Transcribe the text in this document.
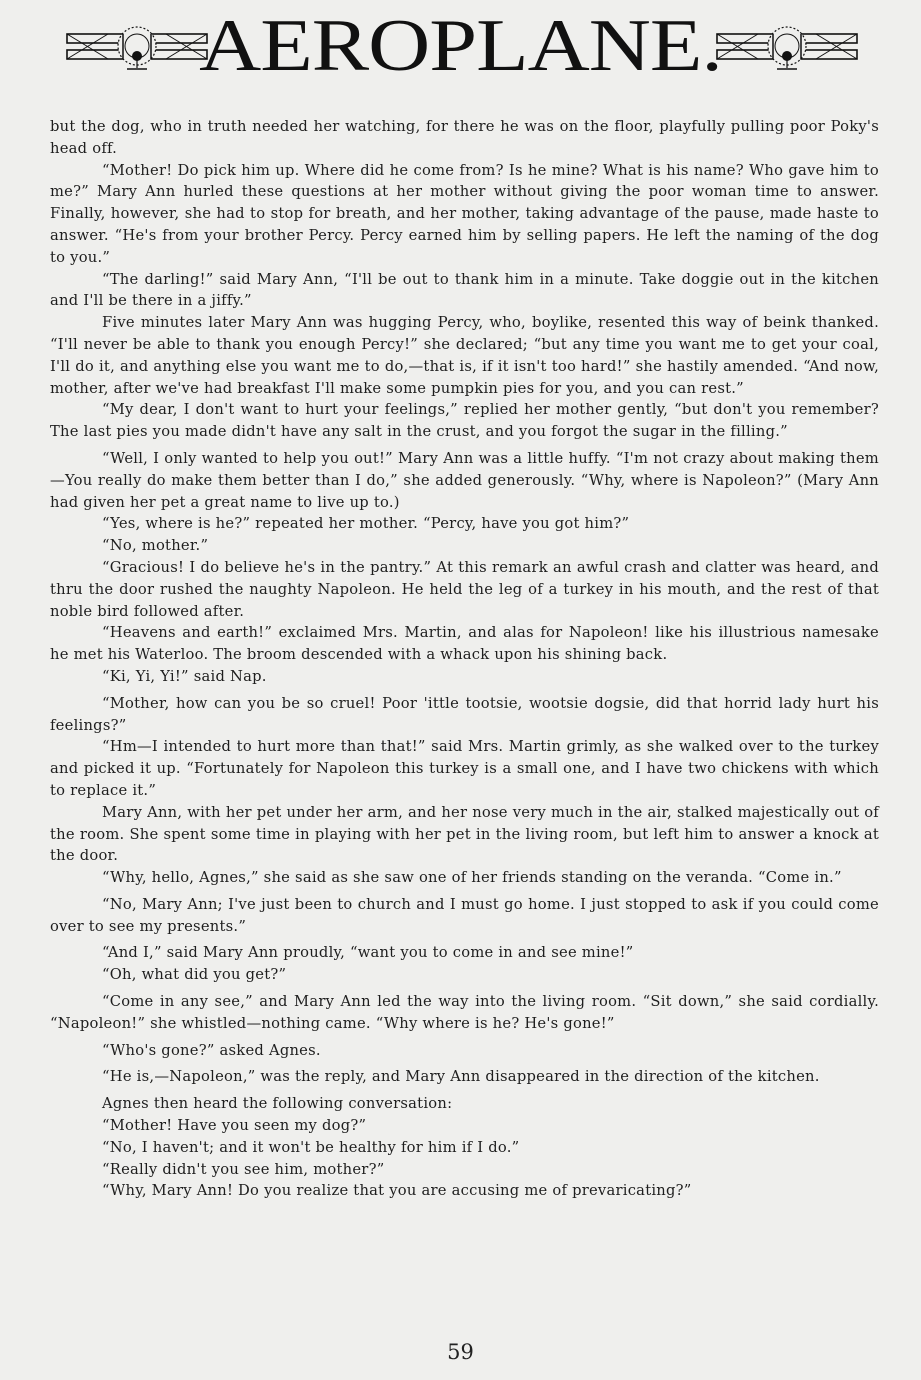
AEROPLANE.

but the dog, who in truth needed her watching, for there he was on the floor, playfully pulling poor Poky's head off.

“Mother! Do pick him up. Where did he come from? Is he mine? What is his name? Who gave him to me?” Mary Ann hurled these questions at her mother without giving the poor woman time to answer. Finally, however, she had to stop for breath, and her mother, taking advantage of the pause, made haste to answer. “He's from your brother Percy. Percy earned him by selling papers. He left the naming of the dog to you.”

“The darling!” said Mary Ann, “I'll be out to thank him in a minute. Take doggie out in the kitchen and I'll be there in a jiffy.”

Five minutes later Mary Ann was hugging Percy, who, boylike, resented this way of beink thanked. “I'll never be able to thank you enough Percy!” she declared; “but any time you want me to get your coal, I'll do it, and anything else you want me to do,—that is, if it isn't too hard!” she hastily amended. “And now, mother, after we've had breakfast I'll make some pumpkin pies for you, and you can rest.”

“My dear, I don't want to hurt your feelings,” replied her mother gently, “but don't you remember? The last pies you made didn't have any salt in the crust, and you forgot the sugar in the filling.”

“Well, I only wanted to help you out!” Mary Ann was a little huffy. “I'm not crazy about making them—You really do make them better than I do,” she added generously. “Why, where is Napoleon?” (Mary Ann had given her pet a great name to live up to.)

“Yes, where is he?” repeated her mother. “Percy, have you got him?”

“No, mother.”

“Gracious! I do believe he's in the pantry.” At this remark an awful crash and clatter was heard, and thru the door rushed the naughty Napoleon. He held the leg of a turkey in his mouth, and the rest of that noble bird followed after.

“Heavens and earth!” exclaimed Mrs. Martin, and alas for Napoleon! like his illustrious namesake he met his Waterloo. The broom descended with a whack upon his shining back.

“Ki, Yi, Yi!” said Nap.

“Mother, how can you be so cruel! Poor 'ittle tootsie, wootsie dogsie, did that horrid lady hurt his feelings?”

“Hm—I intended to hurt more than that!” said Mrs. Martin grimly, as she walked over to the turkey and picked it up. “Fortunately for Napoleon this turkey is a small one, and I have two chickens with which to replace it.”

Mary Ann, with her pet under her arm, and her nose very much in the air, stalked majestically out of the room. She spent some time in playing with her pet in the living room, but left him to answer a knock at the door.

“Why, hello, Agnes,” she said as she saw one of her friends standing on the veranda. “Come in.”

“No, Mary Ann; I've just been to church and I must go home. I just stopped to ask if you could come over to see my presents.”

“And I,” said Mary Ann proudly, “want you to come in and see mine!”

“Oh, what did you get?”

“Come in any see,” and Mary Ann led the way into the living room. “Sit down,” she said cordially. “Napoleon!” she whistled—nothing came. “Why where is he? He's gone!”

“Who's gone?” asked Agnes.

“He is,—Napoleon,” was the reply, and Mary Ann disappeared in the direction of the kitchen.

Agnes then heard the following conversation:

“Mother! Have you seen my dog?”

“No, I haven't; and it won't be healthy for him if I do.”

“Really didn't you see him, mother?”

“Why, Mary Ann! Do you realize that you are accusing me of prevaricating?”

59
